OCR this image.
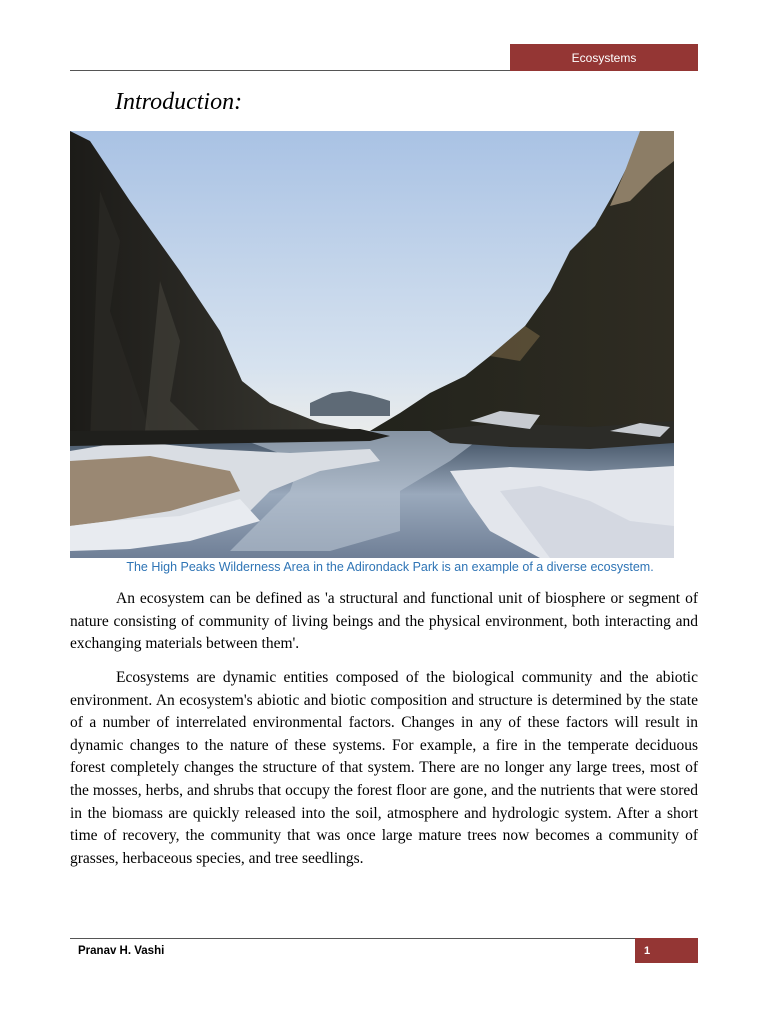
Ecosystems
Introduction:

The High Peaks Wilderness Area in the Adirondack Park is an example of a diverse ecosystem.

An ecosystem can be defined as 'a structural and functional unit of biosphere or segment of nature consisting of community of living beings and the physical environment, both interacting and exchanging materials between them'.

Ecosystems are dynamic entities composed of the biological community and the abiotic environment. An ecosystem's abiotic and biotic composition and structure is determined by the state of a number of interrelated environmental factors. Changes in any of these factors will result in dynamic changes to the nature of these systems. For example, a fire in the temperate deciduous forest completely changes the structure of that system. There are no longer any large trees, most of the mosses, herbs, and shrubs that occupy the forest floor are gone, and the nutrients that were stored in the biomass are quickly released into the soil, atmosphere and hydrologic system. After a short time of recovery, the community that was once large mature trees now becomes a community of grasses, herbaceous species, and tree seedlings.

Pranav H. Vashi	1
